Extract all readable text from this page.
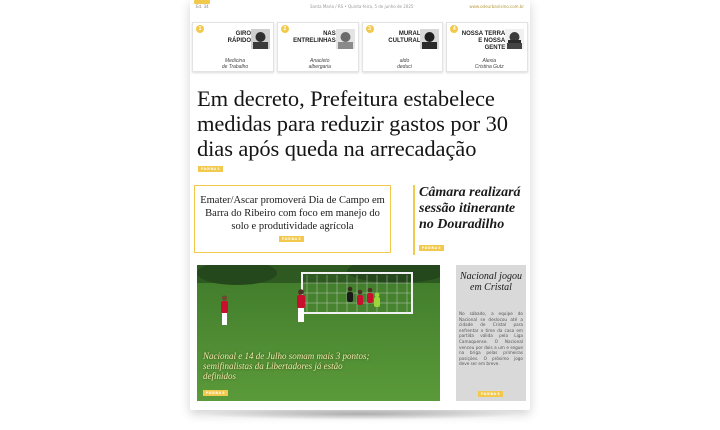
Ed. 34	Santa Maria / RS • Quinta-feira, 5 de junho de 2025	www.odeurbanismo.com.br
1
GIRO
RÁPIDO
Medicina
de Trabalho
2
NAS
ENTRELINHAS
Anacleto
albergaria
3
MURAL
CULTURAL
aldo
deduci
4
NOSSA TERRA
E NOSSA GENTE
Alexia
Cristina Gutz
Em decreto, Prefeitura estabelece medidas para reduzir gastos por 30 dias após queda na arrecadação
PÁGINA 3
Emater/Ascar promoverá Dia de Campo em Barra do Ribeiro com foco em manejo do solo e produtividade agrícola
PÁGINA 5
Câmara realizará sessão itinerante no Douradilho
PÁGINA 6
Nacional e 14 de Julho somam mais 3 pontos; semifinalistas da Libertadores já estão definidos
PÁGINA 8
Nacional jogou em Cristal
No sábado, a equipe do Nacional se deslocou até a cidade de Cristal para enfrentar o time da casa em partida válida pela Liga Camaquense. O Nacional venceu por dois a um e segue na briga pelas primeiras posições. O próximo jogo deve ser em breve.
PÁGINA 9
